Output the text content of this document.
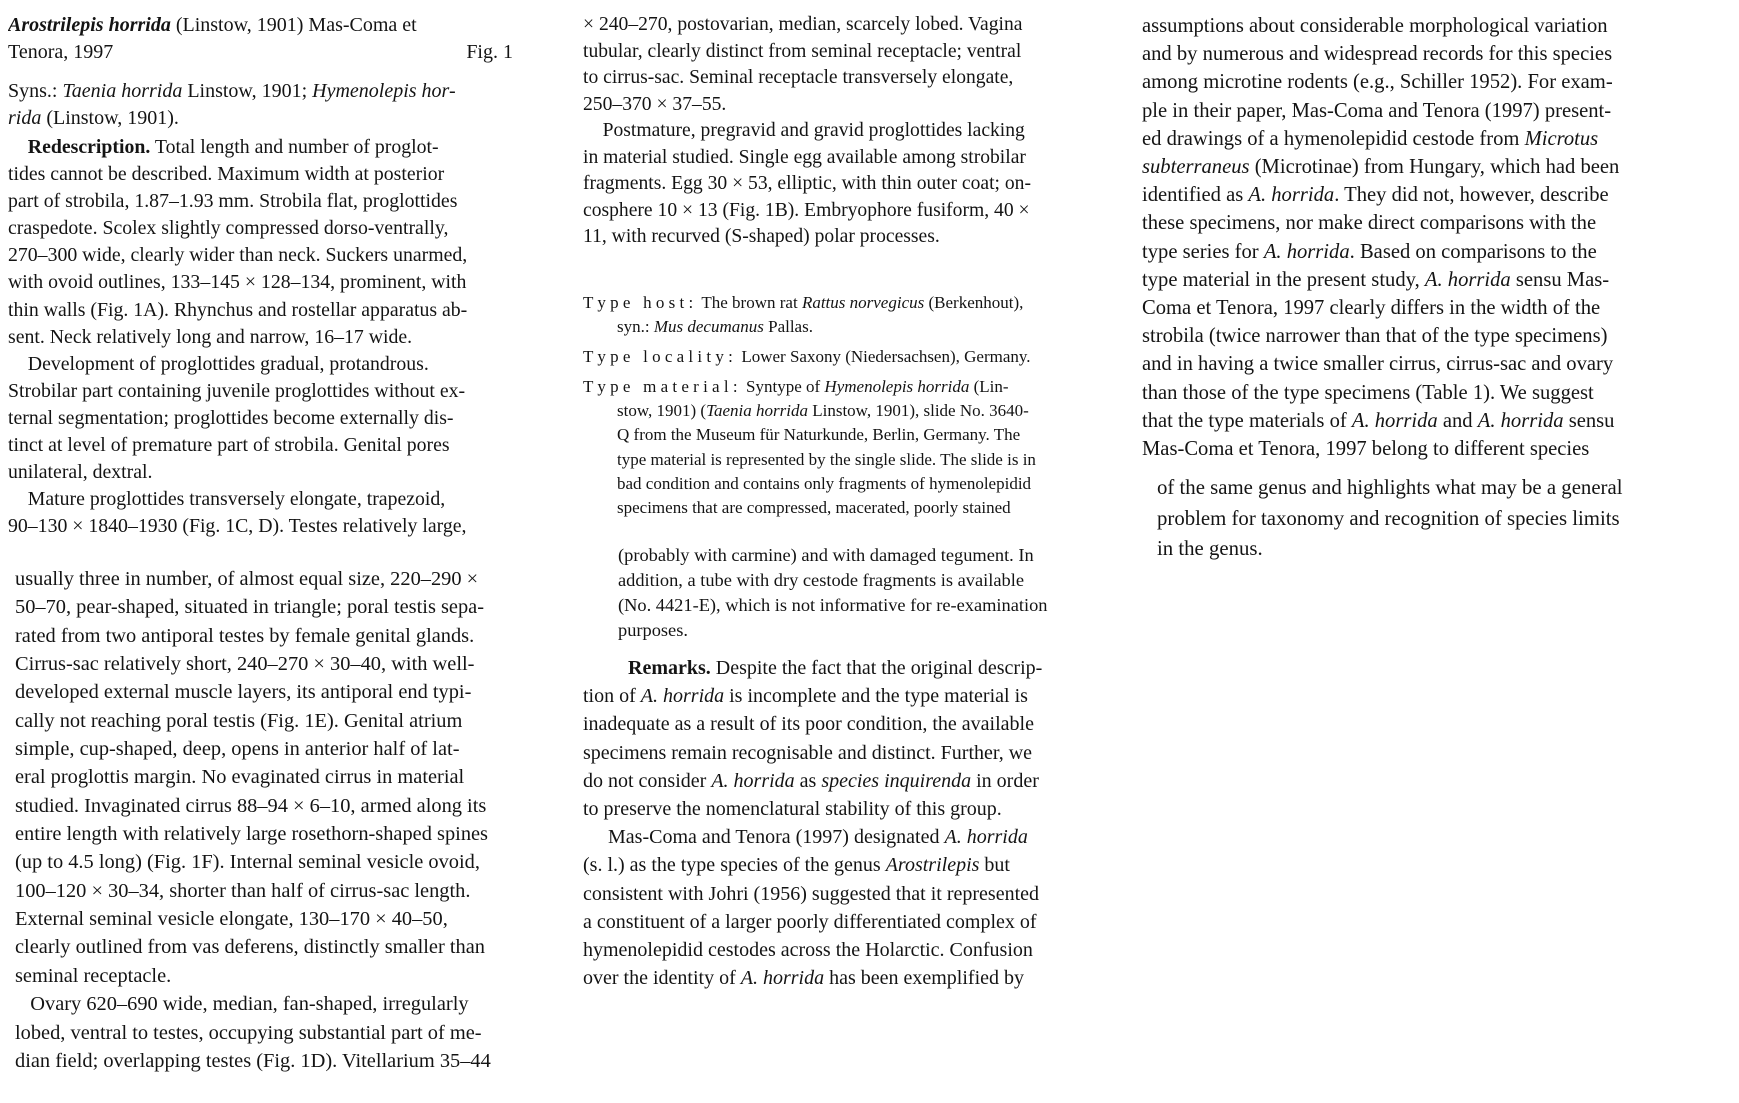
Arostrilepis horrida (Linstow, 1901) Mas-Coma et
Tenora, 1997	Fig. 1
Syns.: Taenia horrida Linstow, 1901; Hymenolepis hor-
rida (Linstow, 1901).
Redescription. Total length and number of proglot-
tides cannot be described. Maximum width at posterior
part of strobila, 1.87–1.93 mm. Strobila flat, proglottides
craspedote. Scolex slightly compressed dorso-ventrally,
270–300 wide, clearly wider than neck. Suckers unarmed,
with ovoid outlines, 133–145 × 128–134, prominent, with
thin walls (Fig. 1A). Rhynchus and rostellar apparatus ab-
sent. Neck relatively long and narrow, 16–17 wide.
Development of proglottides gradual, protandrous.
Strobilar part containing juvenile proglottides without ex-
ternal segmentation; proglottides become externally dis-
tinct at level of premature part of strobila. Genital pores
unilateral, dextral.
Mature proglottides transversely elongate, trapezoid,
90–130 × 1840–1930 (Fig. 1C, D). Testes relatively large,
usually three in number, of almost equal size, 220–290 ×
50–70, pear-shaped, situated in triangle; poral testis sepa-
rated from two antiporal testes by female genital glands.
Cirrus-sac relatively short, 240–270 × 30–40, with well-
developed external muscle layers, its antiporal end typi-
cally not reaching poral testis (Fig. 1E). Genital atrium
simple, cup-shaped, deep, opens in anterior half of lat-
eral proglottis margin. No evaginated cirrus in material
studied. Invaginated cirrus 88–94 × 6–10, armed along its
entire length with relatively large rosethorn-shaped spines
(up to 4.5 long) (Fig. 1F). Internal seminal vesicle ovoid,
100–120 × 30–34, shorter than half of cirrus-sac length.
External seminal vesicle elongate, 130–170 × 40–50,
clearly outlined from vas deferens, distinctly smaller than
seminal receptacle.
Ovary 620–690 wide, median, fan-shaped, irregularly
lobed, ventral to testes, occupying substantial part of me-
dian field; overlapping testes (Fig. 1D). Vitellarium 35–44
× 240–270, postovarian, median, scarcely lobed. Vagina
tubular, clearly distinct from seminal receptacle; ventral
to cirrus-sac. Seminal receptacle transversely elongate,
250–370 × 37–55.
Postmature, pregravid and gravid proglottides lacking
in material studied. Single egg available among strobilar
fragments. Egg 30 × 53, elliptic, with thin outer coat; on-
cosphere 10 × 13 (Fig. 1B). Embryophore fusiform, 40 ×
11, with recurved (S-shaped) polar processes.
T y p e   h o s t :  The brown rat Rattus norvegicus (Berkenhout),
syn.: Mus decumanus Pallas.
T y p e   l o c a l i t y :  Lower Saxony (Niedersachsen), Germany.
T y p e   m a t e r i a l :  Syntype of Hymenolepis horrida (Lin-
stow, 1901) (Taenia horrida Linstow, 1901), slide No. 3640-
Q from the Museum für Naturkunde, Berlin, Germany. The
type material is represented by the single slide. The slide is in
bad condition and contains only fragments of hymenolepidid
specimens that are compressed, macerated, poorly stained
(probably with carmine) and with damaged tegument. In
addition, a tube with dry cestode fragments is available
(No. 4421-E), which is not informative for re-examination
purposes.
Remarks. Despite the fact that the original descrip-
tion of A. horrida is incomplete and the type material is
inadequate as a result of its poor condition, the available
specimens remain recognisable and distinct. Further, we
do not consider A. horrida as species inquirenda in order
to preserve the nomenclatural stability of this group.
Mas-Coma and Tenora (1997) designated A. horrida
(s. l.) as the type species of the genus Arostrilepis but
consistent with Johri (1956) suggested that it represented
a constituent of a larger poorly differentiated complex of
hymenolepidid cestodes across the Holarctic. Confusion
over the identity of A. horrida has been exemplified by
assumptions about considerable morphological variation
and by numerous and widespread records for this species
among microtine rodents (e.g., Schiller 1952). For exam-
ple in their paper, Mas-Coma and Tenora (1997) present-
ed drawings of a hymenolepidid cestode from Microtus
subterraneus (Microtinae) from Hungary, which had been
identified as A. horrida. They did not, however, describe
these specimens, nor make direct comparisons with the
type series for A. horrida. Based on comparisons to the
type material in the present study, A. horrida sensu Mas-
Coma et Tenora, 1997 clearly differs in the width of the
strobila (twice narrower than that of the type specimens)
and in having a twice smaller cirrus, cirrus-sac and ovary
than those of the type specimens (Table 1). We suggest
that the type materials of A. horrida and A. horrida sensu
Mas-Coma et Tenora, 1997 belong to different species
of the same genus and highlights what may be a general
problem for taxonomy and recognition of species limits
in the genus.
